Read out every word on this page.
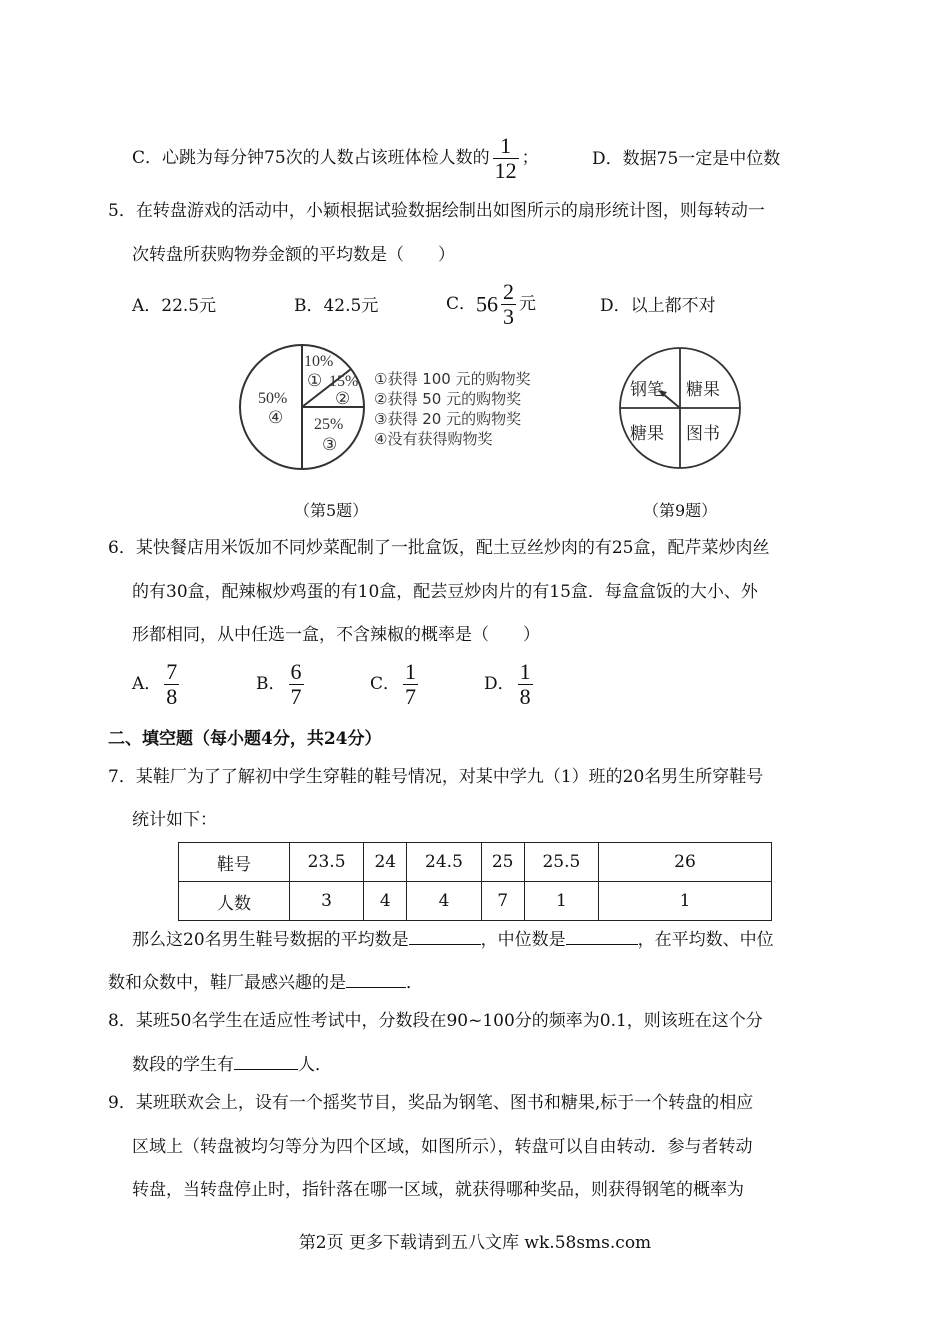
C．心跳为每分钟75次的人数占该班体检人数的 $\frac{1}{12}$ ；	D．数据75一定是中位数
5．在转盘游戏的活动中，小颖根据试验数据绘制出如图所示的扇形统计图，则每转动一
次转盘所获购物券金额的平均数是（　　）
A．22.5元	B．42.5元	C．$56 \frac{2}{3}$ 元	D．以上都不对
10%
① 15%
②
25%
③
50%
④
①获得 100 元的购物奖
②获得 50 元的购物奖
③获得 20 元的购物奖
④没有获得购物奖
钢笔 糖果
糖果 图书
（第5题）	（第9题）
6．某快餐店用米饭加不同炒菜配制了一批盒饭，配土豆丝炒肉的有25盒，配芹菜炒肉丝
的有30盒，配辣椒炒鸡蛋的有10盒，配芸豆炒肉片的有15盒．每盒盒饭的大小、外
形都相同，从中任选一盒，不含辣椒的概率是（　　）
A． $\frac{7}{8}$	B． $\frac{6}{7}$	C． $\frac{1}{7}$	D． $\frac{1}{8}$
二、填空题（每小题4分，共24分）
7．某鞋厂为了了解初中学生穿鞋的鞋号情况，对某中学九（1）班的20名男生所穿鞋号
统计如下：
鞋号	23.5	24	24.5	25	25.5	26
人数	3	4	4	7	1	1
那么这20名男生鞋号数据的平均数是	，中位数是	，在平均数、中位
数和众数中，鞋厂最感兴趣的是	．
8．某班50名学生在适应性考试中，分数段在90~100分的频率为0.1，则该班在这个分
数段的学生有	人．
9．某班联欢会上，设有一个摇奖节目，奖品为钢笔、图书和糖果,标于一个转盘的相应
区域上（转盘被均匀等分为四个区域，如图所示），转盘可以自由转动．参与者转动
转盘，当转盘停止时，指针落在哪一区域，就获得哪种奖品，则获得钢笔的概率为
第2页 更多下载请到五八文库 wk.58sms.com
